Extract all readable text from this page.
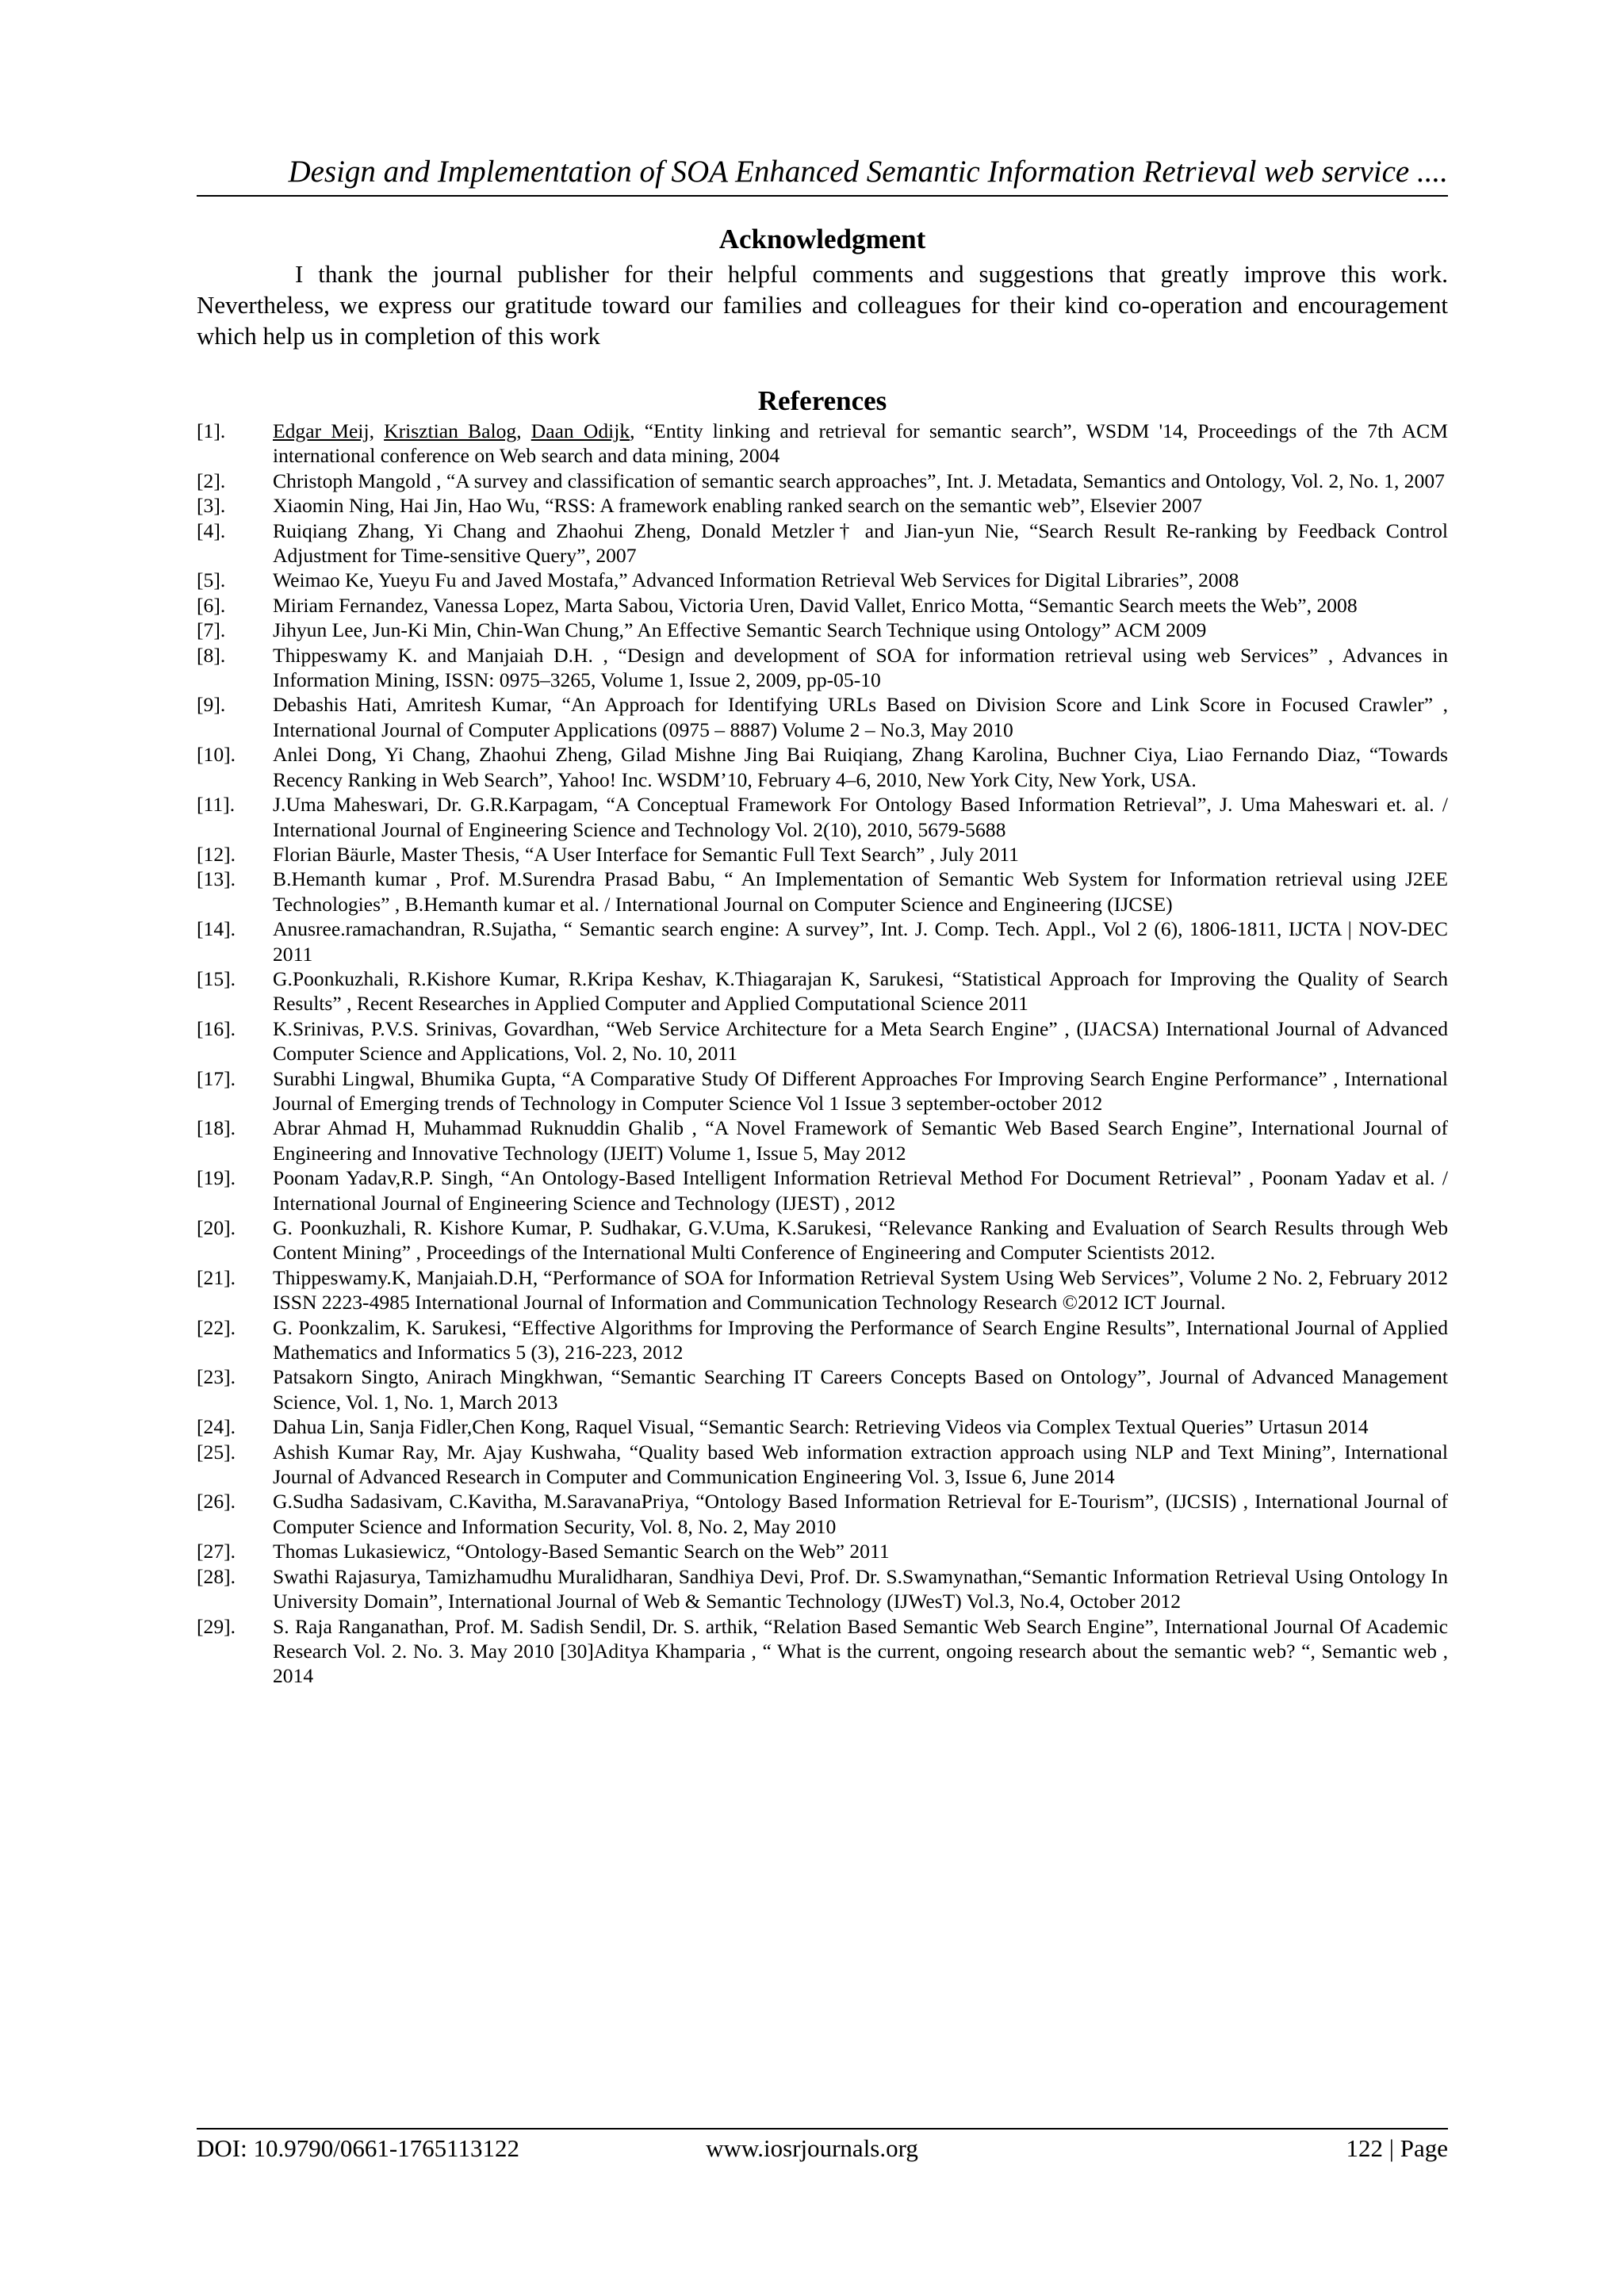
Design and Implementation of SOA Enhanced Semantic Information Retrieval web service ....
Acknowledgment
I thank the journal publisher for their helpful comments and suggestions that greatly improve this work. Nevertheless, we express our gratitude toward our families and colleagues for their kind co-operation and encouragement which help us in completion of this work
References
[1]. Edgar Meij, Krisztian Balog, Daan Odijk, “Entity linking and retrieval for semantic search”, WSDM '14, Proceedings of the 7th ACM international conference on Web search and data mining, 2004
[2]. Christoph Mangold , “A survey and classification of semantic search approaches”, Int. J. Metadata, Semantics and Ontology, Vol. 2, No. 1, 2007
[3]. Xiaomin Ning, Hai Jin, Hao Wu, “RSS: A framework enabling ranked search on the semantic web”, Elsevier 2007
[4]. Ruiqiang Zhang, Yi Chang and Zhaohui Zheng, Donald Metzler† and Jian-yun Nie, “Search Result Re-ranking by Feedback Control Adjustment for Time-sensitive Query”, 2007
[5]. Weimao Ke, Yueyu Fu and Javed Mostafa,” Advanced Information Retrieval Web Services for Digital Libraries”, 2008
[6]. Miriam Fernandez, Vanessa Lopez, Marta Sabou, Victoria Uren, David Vallet, Enrico Motta, “Semantic Search meets the Web”, 2008
[7]. Jihyun Lee, Jun-Ki Min, Chin-Wan Chung,” An Effective Semantic Search Technique using Ontology” ACM 2009
[8]. Thippeswamy K. and Manjaiah D.H. , “Design and development of SOA for information retrieval using web Services” , Advances in Information Mining, ISSN: 0975–3265, Volume 1, Issue 2, 2009, pp-05-10
[9]. Debashis Hati, Amritesh Kumar, “An Approach for Identifying URLs Based on Division Score and Link Score in Focused Crawler” , International Journal of Computer Applications (0975 – 8887) Volume 2 – No.3, May 2010
[10]. Anlei Dong, Yi Chang, Zhaohui Zheng, Gilad Mishne Jing Bai Ruiqiang, Zhang Karolina, Buchner Ciya, Liao Fernando Diaz, “Towards Recency Ranking in Web Search”, Yahoo! Inc. WSDM’10, February 4–6, 2010, New York City, New York, USA.
[11]. J.Uma Maheswari, Dr. G.R.Karpagam, “A Conceptual Framework For Ontology Based Information Retrieval”, J. Uma Maheswari et. al. / International Journal of Engineering Science and Technology Vol. 2(10), 2010, 5679-5688
[12]. Florian Bäurle, Master Thesis, “A User Interface for Semantic Full Text Search” , July 2011
[13]. B.Hemanth kumar , Prof. M.Surendra Prasad Babu, “ An Implementation of Semantic Web System for Information retrieval using J2EE Technologies” , B.Hemanth kumar et al. / International Journal on Computer Science and Engineering (IJCSE)
[14]. Anusree.ramachandran, R.Sujatha, “ Semantic search engine: A survey”, Int. J. Comp. Tech. Appl., Vol 2 (6), 1806-1811, IJCTA | NOV-DEC 2011
[15]. G.Poonkuzhali, R.Kishore Kumar, R.Kripa Keshav, K.Thiagarajan K, Sarukesi, “Statistical Approach for Improving the Quality of Search Results” , Recent Researches in Applied Computer and Applied Computational Science 2011
[16]. K.Srinivas, P.V.S. Srinivas, Govardhan, “Web Service Architecture for a Meta Search Engine” , (IJACSA) International Journal of Advanced Computer Science and Applications, Vol. 2, No. 10, 2011
[17]. Surabhi Lingwal, Bhumika Gupta, “A Comparative Study Of Different Approaches For Improving Search Engine Performance” , International Journal of Emerging trends of Technology in Computer Science Vol 1 Issue 3 september-october 2012
[18]. Abrar Ahmad H, Muhammad Ruknuddin Ghalib , “A Novel Framework of Semantic Web Based Search Engine”, International Journal of Engineering and Innovative Technology (IJEIT) Volume 1, Issue 5, May 2012
[19]. Poonam Yadav,R.P. Singh, “An Ontology-Based Intelligent Information Retrieval Method For Document Retrieval” , Poonam Yadav et al. / International Journal of Engineering Science and Technology (IJEST) , 2012
[20]. G. Poonkuzhali, R. Kishore Kumar, P. Sudhakar, G.V.Uma, K.Sarukesi, “Relevance Ranking and Evaluation of Search Results through Web Content Mining” , Proceedings of the International Multi Conference of Engineering and Computer Scientists 2012.
[21]. Thippeswamy.K, Manjaiah.D.H, “Performance of SOA for Information Retrieval System Using Web Services”, Volume 2 No. 2, February 2012 ISSN 2223-4985 International Journal of Information and Communication Technology Research ©2012 ICT Journal.
[22]. G. Poonkzalim, K. Sarukesi, “Effective Algorithms for Improving the Performance of Search Engine Results”, International Journal of Applied Mathematics and Informatics 5 (3), 216-223, 2012
[23]. Patsakorn Singto, Anirach Mingkhwan, “Semantic Searching IT Careers Concepts Based on Ontology”, Journal of Advanced Management Science, Vol. 1, No. 1, March 2013
[24]. Dahua Lin, Sanja Fidler,Chen Kong, Raquel Visual, “Semantic Search: Retrieving Videos via Complex Textual Queries” Urtasun 2014
[25]. Ashish Kumar Ray, Mr. Ajay Kushwaha, “Quality based Web information extraction approach using NLP and Text Mining”, International Journal of Advanced Research in Computer and Communication Engineering Vol. 3, Issue 6, June 2014
[26]. G.Sudha Sadasivam, C.Kavitha, M.SaravanaPriya, “Ontology Based Information Retrieval for E-Tourism”, (IJCSIS) , International Journal of Computer Science and Information Security, Vol. 8, No. 2, May 2010
[27]. Thomas Lukasiewicz, “Ontology-Based Semantic Search on the Web” 2011
[28]. Swathi Rajasurya, Tamizhamudhu Muralidharan, Sandhiya Devi, Prof. Dr. S.Swamynathan,“Semantic Information Retrieval Using Ontology In University Domain”, International Journal of Web & Semantic Technology (IJWesT) Vol.3, No.4, October 2012
[29]. S. Raja Ranganathan, Prof. M. Sadish Sendil, Dr. S. arthik, “Relation Based Semantic Web Search Engine”, International Journal Of Academic Research Vol. 2. No. 3. May 2010 [30]Aditya Khamparia , “ What is the current, ongoing research about the semantic web? “, Semantic web , 2014
DOI: 10.9790/0661-1765113122	www.iosrjournals.org	122 | Page
